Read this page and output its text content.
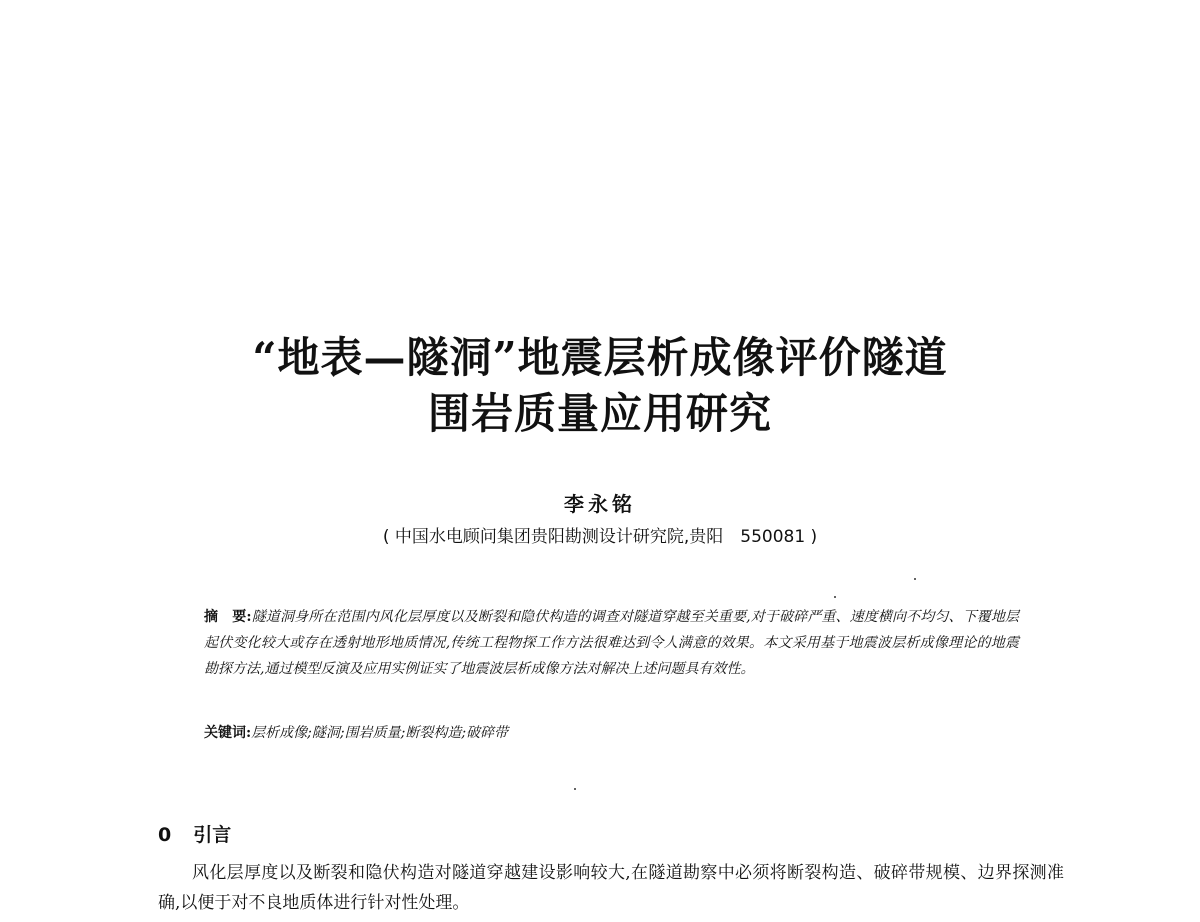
“地表—隧洞”地震层析成像评价隧道
围岩质量应用研究
李永铭
( 中国水电顾问集团贵阳勘测设计研究院,贵阳　550081 )
摘　要:隧道洞身所在范围内风化层厚度以及断裂和隐伏构造的调查对隧道穿越至关重要,对于破碎严重、速度横向不均匀、下覆地层起伏变化较大或存在透射地形地质情况,传统工程物探工作方法很难达到令人满意的效果。本文采用基于地震波层析成像理论的地震勘探方法,通过模型反演及应用实例证实了地震波层析成像方法对解决上述问题具有效性。
关键词:层析成像;隧洞;围岩质量;断裂构造;破碎带
0 引言
风化层厚度以及断裂和隐伏构造对隧道穿越建设影响较大,在隧道勘察中必须将断裂构造、破碎带规模、边界探测准确,以便于对不良地质体进行针对性处理。
